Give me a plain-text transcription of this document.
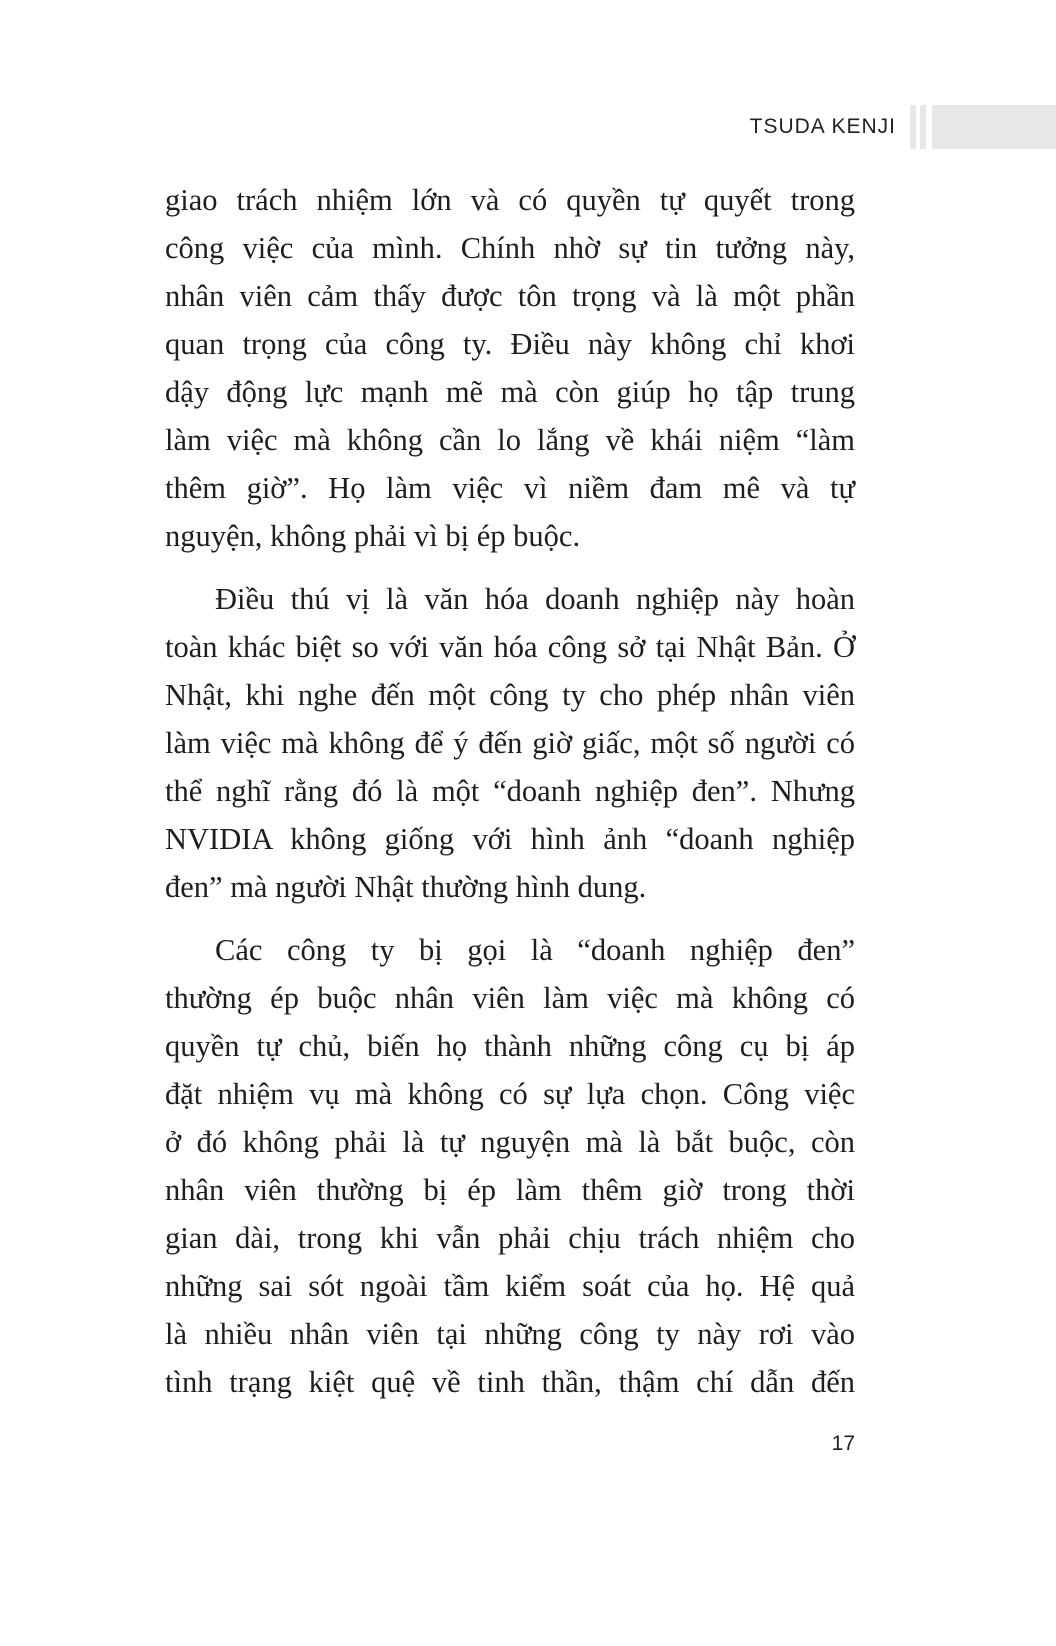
TSUDA KENJI

giao trách nhiệm lớn và có quyền tự quyết trong
công việc của mình. Chính nhờ sự tin tưởng này,
nhân viên cảm thấy được tôn trọng và là một phần
quan trọng của công ty. Điều này không chỉ khơi
dậy động lực mạnh mẽ mà còn giúp họ tập trung
làm việc mà không cần lo lắng về khái niệm “làm
thêm giờ”. Họ làm việc vì niềm đam mê và tự
nguyện, không phải vì bị ép buộc.

Điều thú vị là văn hóa doanh nghiệp này hoàn
toàn khác biệt so với văn hóa công sở tại Nhật Bản. Ở
Nhật, khi nghe đến một công ty cho phép nhân viên
làm việc mà không để ý đến giờ giấc, một số người có
thể nghĩ rằng đó là một “doanh nghiệp đen”. Nhưng
NVIDIA không giống với hình ảnh “doanh nghiệp
đen” mà người Nhật thường hình dung.

Các công ty bị gọi là “doanh nghiệp đen”
thường ép buộc nhân viên làm việc mà không có
quyền tự chủ, biến họ thành những công cụ bị áp
đặt nhiệm vụ mà không có sự lựa chọn. Công việc
ở đó không phải là tự nguyện mà là bắt buộc, còn
nhân viên thường bị ép làm thêm giờ trong thời
gian dài, trong khi vẫn phải chịu trách nhiệm cho
những sai sót ngoài tầm kiểm soát của họ. Hệ quả
là nhiều nhân viên tại những công ty này rơi vào
tình trạng kiệt quệ về tinh thần, thậm chí dẫn đến

17
